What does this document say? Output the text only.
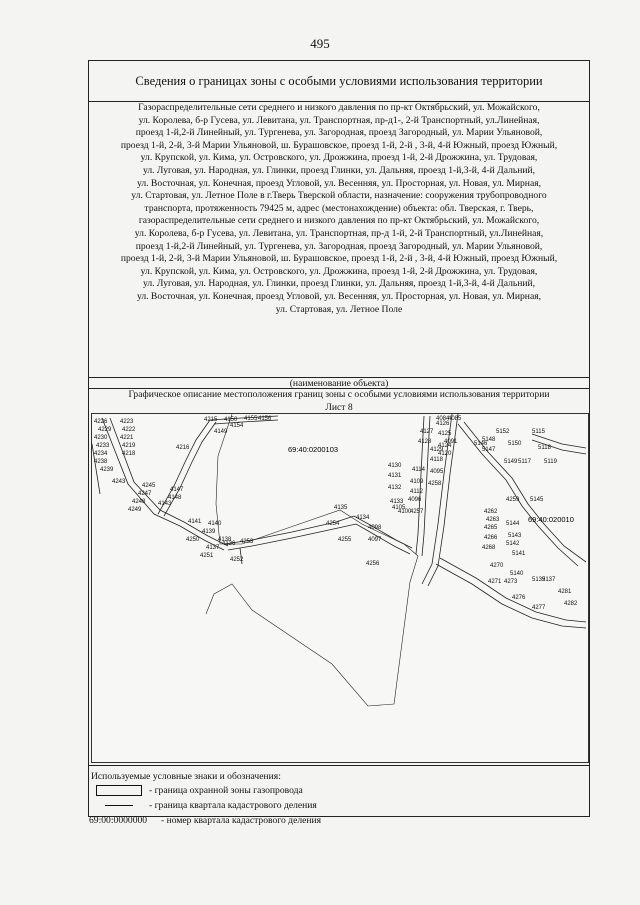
495
Сведения о границах зоны с особыми условиями использования территории
Газораспределительные сети среднего и низкого давления по пр-кт Октябрьский, ул. Можайского,
ул. Королева, б-р Гусева, ул. Левитана, ул. Транспортная, пр-д1-, 2-й Транспортный, ул.Линейная,
проезд 1-й,2-й Линейный, ул. Тургенева, ул. Загородная, проезд Загородный, ул. Марии Ульяновой,
проезд 1-й, 2-й, 3-й Марии Ульяновой, ш. Бурашовское, проезд 1-й, 2-й , 3-й, 4-й Южный, проезд Южный,
ул. Крупской, ул. Кима, ул. Островского, ул. Дрожжина, проезд 1-й, 2-й Дрожжина, ул. Трудовая,
ул. Луговая, ул. Народная, ул. Глинки, проезд Глинки, ул. Дальняя, проезд 1-й,3-й, 4-й Дальний,
ул. Восточная, ул. Конечная, проезд Угловой, ул. Весенняя, ул. Просторная, ул. Новая, ул. Мирная,
ул. Стартовая, ул. Летное Поле в г.Тверь Тверской области, назначение: сооружения трубопроводного
транспорта, протяженность 79425 м, адрес (местонахождение) объекта: обл. Тверская, г. Тверь,
газораспределительные сети среднего и низкого давления по пр-кт Октябрьский, ул. Можайского,
ул. Королева, б-р Гусева, ул. Левитана, ул. Транспортная, пр-д 1-й, 2-й Транспортный, ул.Линейная,
проезд 1-й,2-й Линейный, ул. Тургенева, ул. Загородная, проезд Загородный, ул. Марии Ульяновой,
проезд 1-й, 2-й, 3-й Марии Ульяновой, ш. Бурашовское, проезд 1-й, 2-й , 3-й, 4-й Южный, проезд Южный,
ул. Крупской, ул. Кима, ул. Островского, ул. Дрожжина, проезд 1-й, 2-й Дрожжина, ул. Трудовая,
ул. Луговая, ул. Народная, ул. Глинки, проезд Глинки, ул. Дальняя, проезд 1-й,3-й, 4-й Дальний,
ул. Восточная, ул. Конечная, проезд Угловой, ул. Весенняя, ул. Просторная, ул. Новая, ул. Мирная,
ул. Стартовая, ул. Летное Поле
(наименование объекта)
Графическое описание местоположения границ зоны с особыми условиями использования территории
Лист 8
69:40:0200103
69:40:020010
4226 4223
4222
4229
4221
4230
4233 4219
4234 4218
4238
4239
4243
4216
4215 4150 4155 4156
4154
4149
4245
4147
4247
4148
4248 4143
4249
4141 4140
4139
4250
4251
4138
4137
4136 4253
4252
4135
4134
4254
4098
4255	4097
4256
4133
4105
4096
4100
4257
4132
4109
4112
4131
4130
4114 4095
4129
4118
4120
4128
4124
4127 4125
4126
4085
4084
4091
4258
5146
5147
5148
5152	5115
5150
5118
5149 5117 5119
4259 5145
4262
4263
5144
4265
5143
4266
5142
4268
5141
4270
5140
4271 4273 5139
5137
4276
4277
4281
4282
Используемые условные знаки и обозначения:
- граница охранной зоны газопровода
- граница квартала кадастрового деления
69:00:0000000	- номер квартала кадастрового деления
